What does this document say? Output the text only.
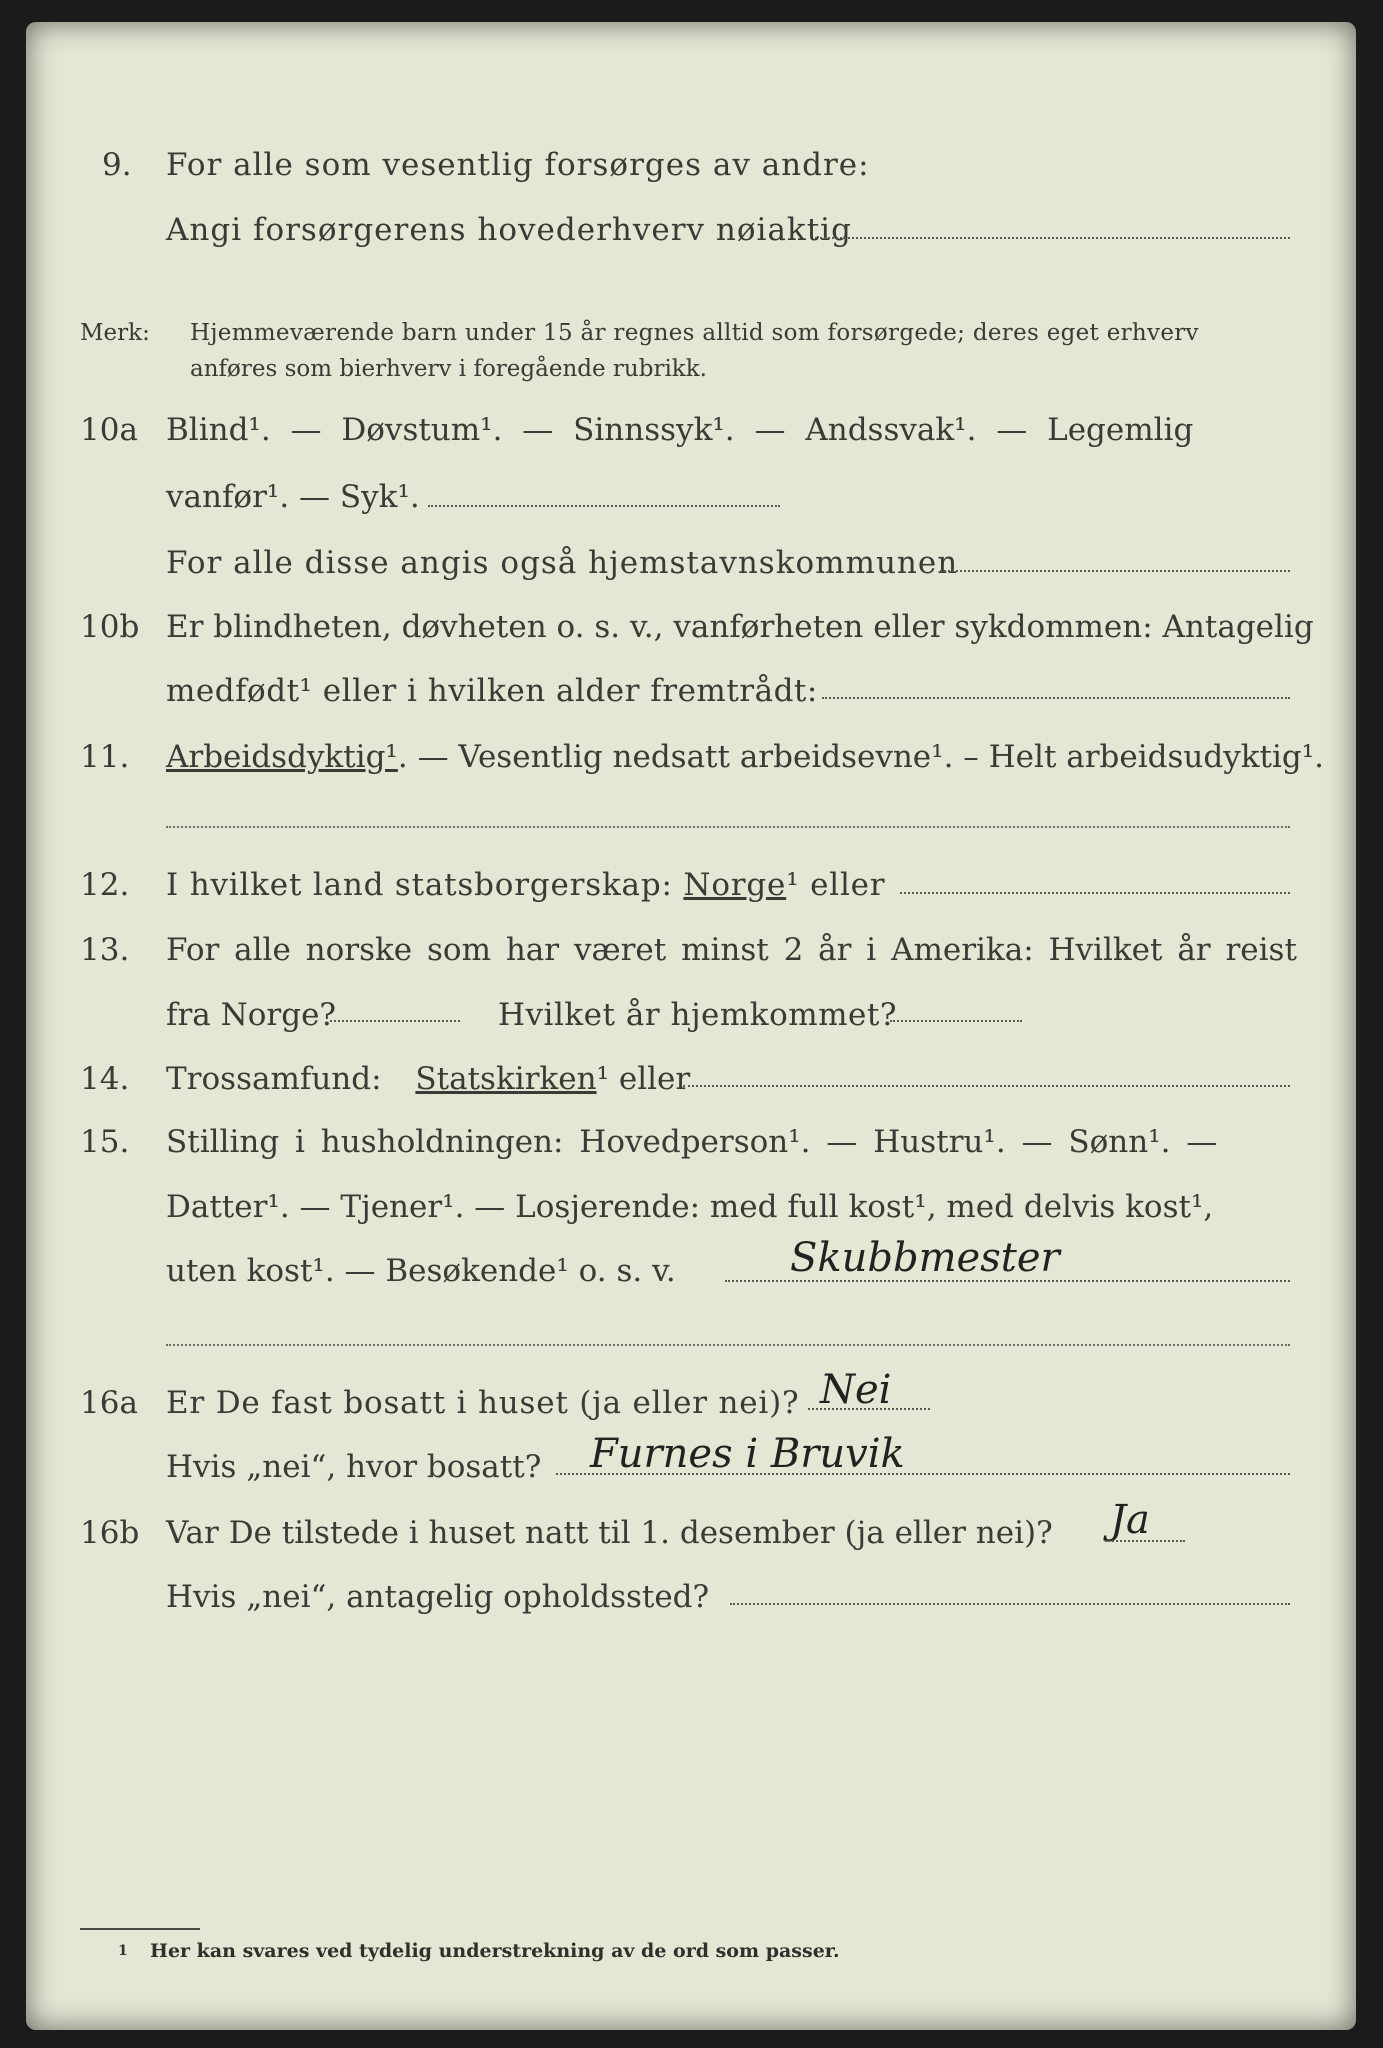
9. For alle som vesentlig forsørges av andre:
Angi forsørgerens hovederhverv nøiaktig
Merk: Hjemmeværende barn under 15 år regnes alltid som forsørgede; deres eget erhverv
anføres som bierhverv i foregående rubrikk.
10a Blind¹. — Døvstum¹. — Sinnssyk¹. — Andssvak¹. — Legemlig
vanfør¹. — Syk¹.
For alle disse angis også hjemstavnskommunen
10b Er blindheten, døvheten o. s. v., vanførheten eller sykdommen: Antagelig
medfødt¹ eller i hvilken alder fremtrådt:
11. Arbeidsdyktig¹. — Vesentlig nedsatt arbeidsevne¹. – Helt arbeidsudyktig¹.
12. I hvilket land statsborgerskap: Norge¹ eller
13. For alle norske som har været minst 2 år i Amerika: Hvilket år reist
fra Norge?	Hvilket år hjemkommet?
14. Trossamfund: Statskirken¹ eller
15. Stilling i husholdningen: Hovedperson¹. — Hustru¹. — Sønn¹. —
Datter¹. — Tjener¹. — Losjerende: med full kost¹, med delvis kost¹,
uten kost¹. — Besøkende¹ o. s. v.	Skubbmester
16a Er De fast bosatt i huset (ja eller nei)? Nei
Hvis „nei“, hvor bosatt? Furnes i Bruvik
16b Var De tilstede i huset natt til 1. desember (ja eller nei)? Ja
Hvis „nei“, antagelig opholdssted?
1 Her kan svares ved tydelig understrekning av de ord som passer.
